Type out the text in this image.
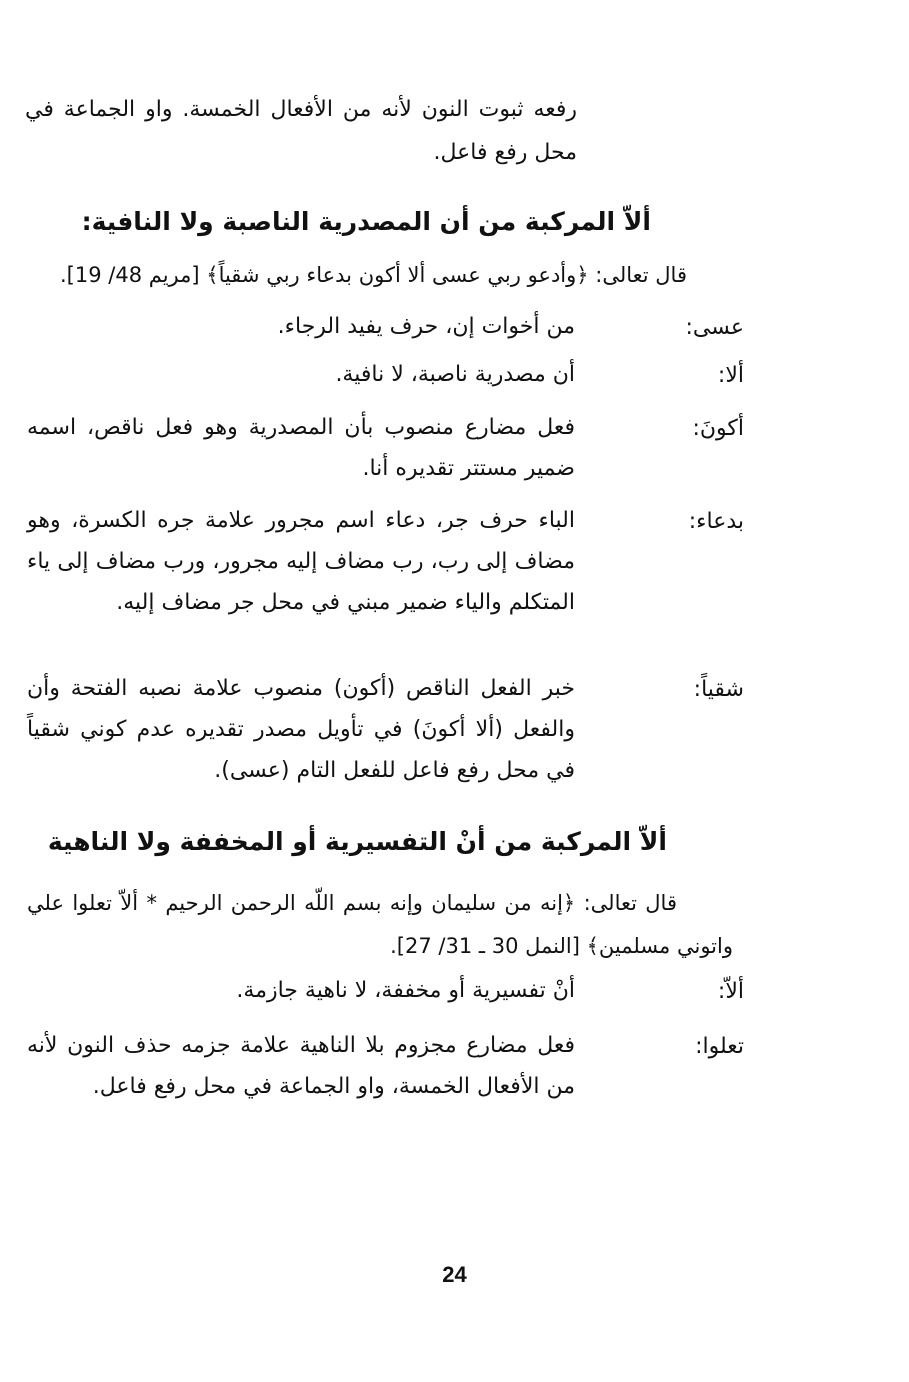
رفعه ثبوت النون لأنه من الأفعال الخمسة. واو الجماعة في محل رفع فاعل.
ألاّ المركبة من أن المصدرية الناصبة ولا النافية:
قال تعالى: ﴿وأدعو ربي عسى ألا أكون بدعاء ربي شقياً﴾ [مريم 48/ 19].
عسى:
من أخوات إن، حرف يفيد الرجاء.
ألا:
أن مصدرية ناصبة، لا نافية.
أكونَ:
فعل مضارع منصوب بأن المصدرية وهو فعل ناقص، اسمه ضمير مستتر تقديره أنا.
بدعاء:
الباء حرف جر، دعاء اسم مجرور علامة جره الكسرة، وهو مضاف إلى رب، رب مضاف إليه مجرور، ورب مضاف إلى ياء المتكلم والياء ضمير مبني في محل جر مضاف إليه.
شقياً:
خبر الفعل الناقص (أكون) منصوب علامة نصبه الفتحة وأن والفعل (ألا أكونَ) في تأويل مصدر تقديره عدم كوني شقياً في محل رفع فاعل للفعل التام (عسى).
ألاّ المركبة من أنْ التفسيرية أو المخففة ولا الناهية
قال تعالى: ﴿إنه من سليمان وإنه بسم اللّه الرحمن الرحيم * ألاّ تعلوا علي واتوني مسلمين﴾ [النمل 30 ـ 31/ 27].
ألاّ:
أنْ تفسيرية أو مخففة، لا ناهية جازمة.
تعلوا:
فعل مضارع مجزوم بلا الناهية علامة جزمه حذف النون لأنه من الأفعال الخمسة، واو الجماعة في محل رفع فاعل.
24
